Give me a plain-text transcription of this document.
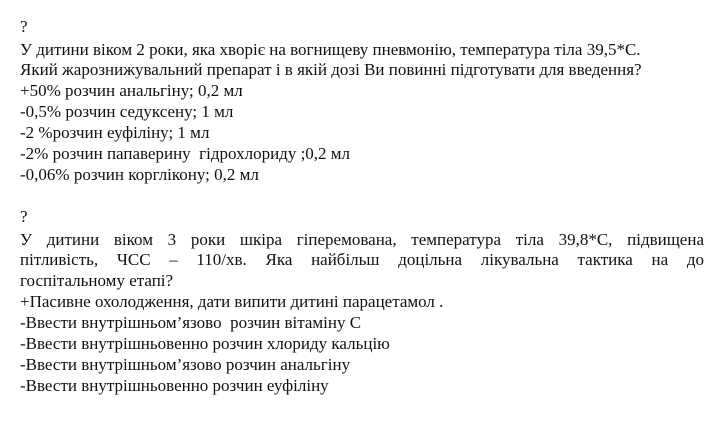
?
У дитини віком 2 роки, яка хворіє на вогнищеву пневмонію, температура тіла 39,5*С.
Який жарознижувальний препарат і в якій дозі Ви повинні підготувати для введення?
+50% розчин анальгіну; 0,2 мл
-0,5% розчин седуксену; 1 мл
-2 %розчин еуфіліну; 1 мл
-2% розчин папаверину  гідрохлориду ;0,2 мл
-0,06% розчин корглікону; 0,2 мл
?
У дитини віком 3 роки шкіра гіперемована, температура тіла 39,8*С, підвищена
пітливість, ЧСС – 110/хв. Яка найбільш доцільна лікувальна тактика на до
госпітальному етапі?
+Пасивне охолодження, дати випити дитині парацетамол .
-Ввести внутрішньом’язово  розчин вітаміну С
-Ввести внутрішньовенно розчин хлориду кальцію
-Ввести внутрішньом’язово розчин анальгіну
-Ввести внутрішньовенно розчин еуфіліну
